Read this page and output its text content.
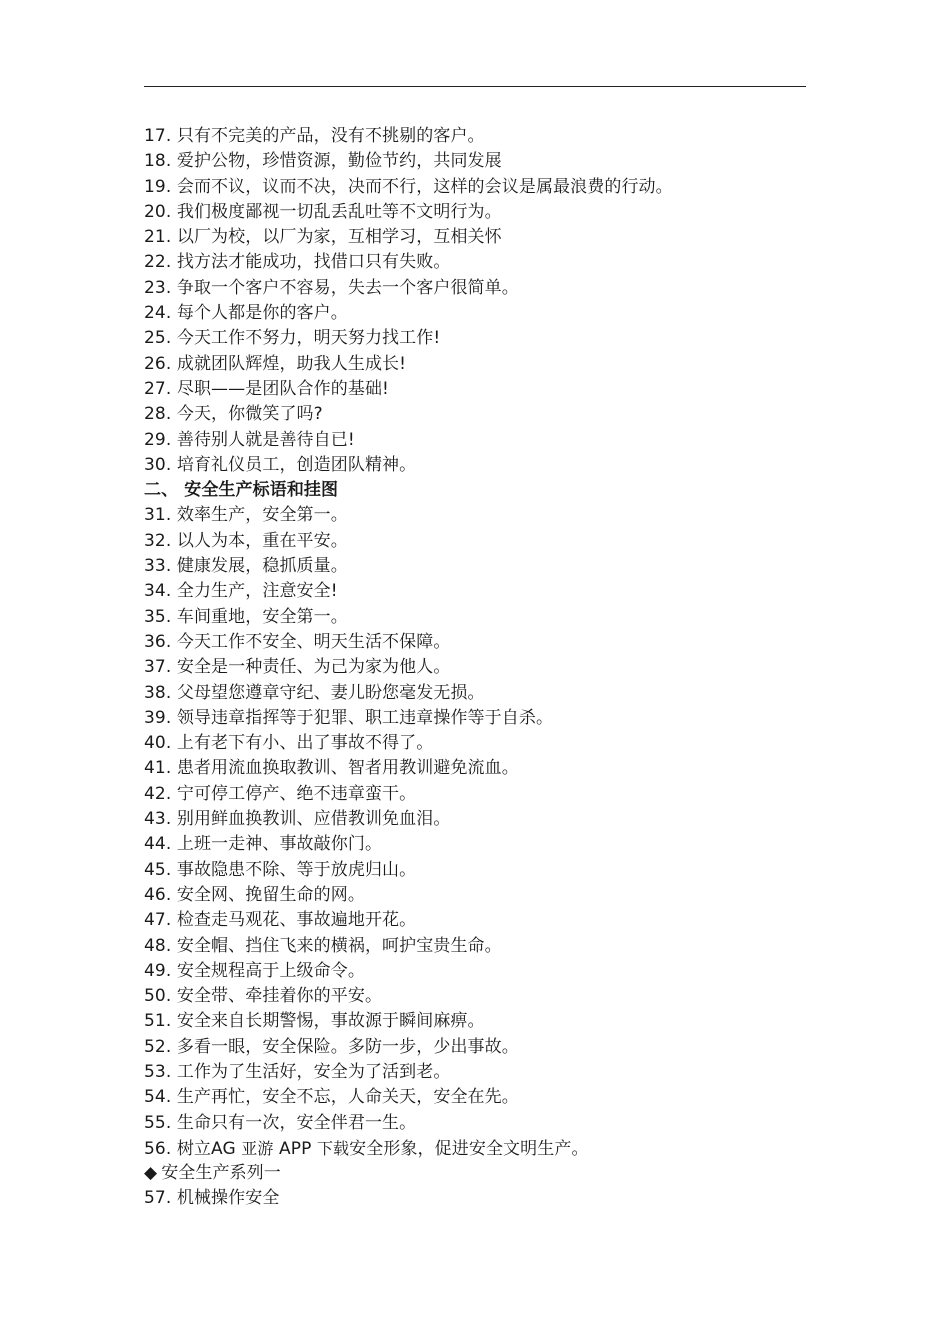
17. 只有不完美的产品，没有不挑剔的客户。
18. 爱护公物，珍惜资源，勤俭节约，共同发展
19. 会而不议，议而不决，决而不行，这样的会议是属最浪费的行动。
20. 我们极度鄙视一切乱丢乱吐等不文明行为。
21. 以厂为校，以厂为家，互相学习，互相关怀
22. 找方法才能成功，找借口只有失败。
23. 争取一个客户不容易，失去一个客户很简单。
24. 每个人都是你的客户。
25. 今天工作不努力，明天努力找工作!
26. 成就团队辉煌，助我人生成长!
27. 尽职——是团队合作的基础!
28. 今天，你微笑了吗?
29. 善待别人就是善待自已!
30. 培育礼仪员工，创造团队精神。
二、 安全生产标语和挂图
31. 效率生产，安全第一。
32. 以人为本，重在平安。
33. 健康发展，稳抓质量。
34. 全力生产，注意安全!
35. 车间重地，安全第一。
36. 今天工作不安全、明天生活不保障。
37. 安全是一种责任、为己为家为他人。
38. 父母望您遵章守纪、妻儿盼您毫发无损。
39. 领导违章指挥等于犯罪、职工违章操作等于自杀。
40. 上有老下有小、出了事故不得了。
41. 患者用流血换取教训、智者用教训避免流血。
42. 宁可停工停产、绝不违章蛮干。
43. 别用鲜血换教训、应借教训免血泪。
44. 上班一走神、事故敲你门。
45. 事故隐患不除、等于放虎归山。
46. 安全网、挽留生命的网。
47. 检查走马观花、事故遍地开花。
48. 安全帽、挡住飞来的横祸，呵护宝贵生命。
49. 安全规程高于上级命令。
50. 安全带、牵挂着你的平安。
51. 安全来自长期警惕，事故源于瞬间麻痹。
52. 多看一眼，安全保险。多防一步，少出事故。
53. 工作为了生活好，安全为了活到老。
54. 生产再忙，安全不忘，人命关天，安全在先。
55. 生命只有一次，安全伴君一生。
56. 树立AG 亚游 APP 下载安全形象，促进安全文明生产。
◆ 安全生产系列一
57. 机械操作安全
